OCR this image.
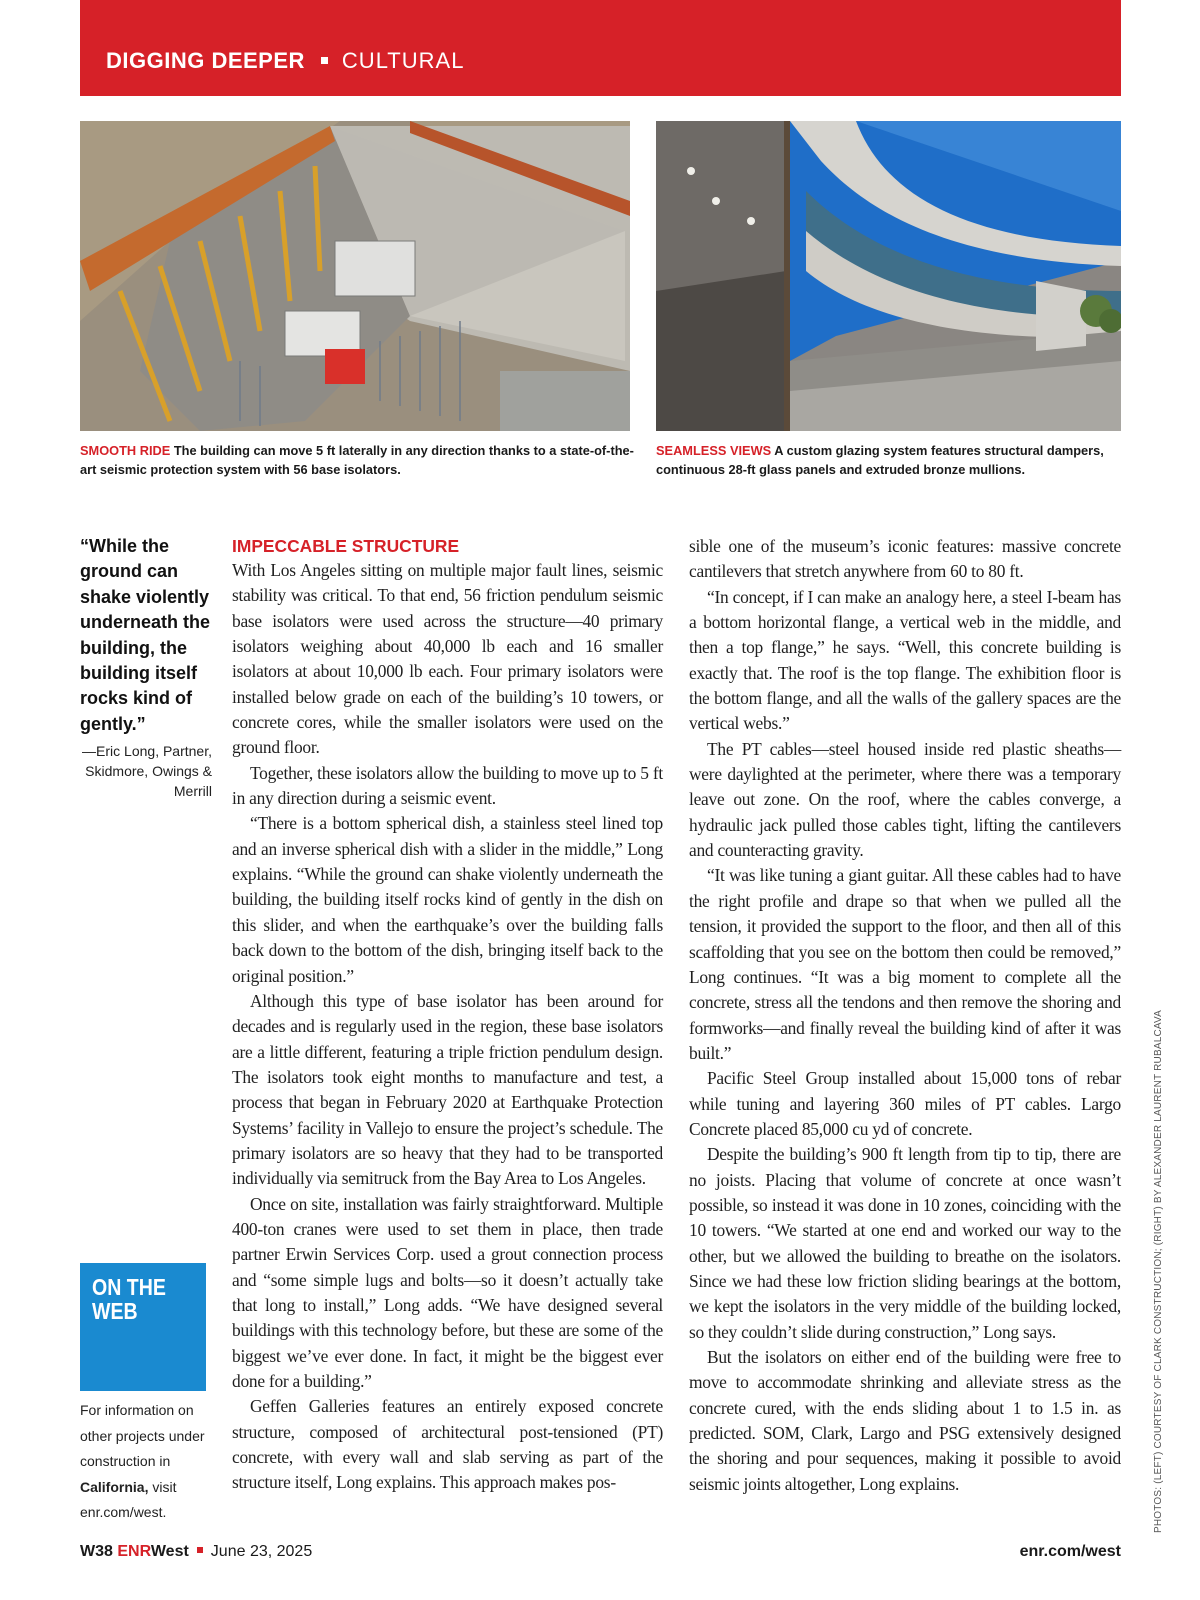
DIGGING DEEPER CULTURAL
SMOOTH RIDE The building can move 5 ft laterally in any direction thanks to a state-of-the-art seismic protection system with 56 base isolators.
SEAMLESS VIEWS A custom glazing system features structural dampers, continuous 28-ft glass panels and extruded bronze mullions.
“While the ground can shake violently underneath the building, the building itself rocks kind of gently.”
—Eric Long, Partner, Skidmore, Owings & Merrill
ON THE WEB
For information on other projects under construction in California, visit enr.com/west.
IMPECCABLE STRUCTURE

With Los Angeles sitting on multiple major fault lines, seismic stability was critical. To that end, 56 friction pendulum seismic base isolators were used across the structure—40 primary isolators weighing about 40,000 lb each and 16 smaller isolators at about 10,000 lb each. Four primary isolators were installed below grade on each of the building’s 10 towers, or concrete cores, while the smaller isolators were used on the ground floor.

Together, these isolators allow the building to move up to 5 ft in any direction during a seismic event.

“There is a bottom spherical dish, a stainless steel lined top and an inverse spherical dish with a slider in the middle,” Long explains. “While the ground can shake violently underneath the building, the building itself rocks kind of gently in the dish on this slider, and when the earthquake’s over the building falls back down to the bottom of the dish, bringing itself back to the original position.”

Although this type of base isolator has been around for decades and is regularly used in the region, these base isolators are a little different, featuring a triple friction pendulum design. The isolators took eight months to manufacture and test, a process that began in February 2020 at Earthquake Protection Systems’ facility in Vallejo to ensure the project’s schedule. The primary isolators are so heavy that they had to be transported individually via semitruck from the Bay Area to Los Angeles.

Once on site, installation was fairly straightforward. Multiple 400-ton cranes were used to set them in place, then trade partner Erwin Services Corp. used a grout connection process and “some simple lugs and bolts—so it doesn’t actually take that long to install,” Long adds. “We have designed several buildings with this technology before, but these are some of the biggest we’ve ever done. In fact, it might be the biggest ever done for a building.”

Geffen Galleries features an entirely exposed concrete structure, composed of architectural post-tensioned (PT) concrete, with every wall and slab serving as part of the structure itself, Long explains. This approach makes pos-

sible one of the museum’s iconic features: massive concrete cantilevers that stretch anywhere from 60 to 80 ft.

“In concept, if I can make an analogy here, a steel I-beam has a bottom horizontal flange, a vertical web in the middle, and then a top flange,” he says. “Well, this concrete building is exactly that. The roof is the top flange. The exhibition floor is the bottom flange, and all the walls of the gallery spaces are the vertical webs.”

The PT cables—steel housed inside red plastic sheaths—were daylighted at the perimeter, where there was a temporary leave out zone. On the roof, where the cables converge, a hydraulic jack pulled those cables tight, lifting the cantilevers and counteracting gravity.

“It was like tuning a giant guitar. All these cables had to have the right profile and drape so that when we pulled all the tension, it provided the support to the floor, and then all of this scaffolding that you see on the bottom then could be removed,” Long continues. “It was a big moment to complete all the concrete, stress all the tendons and then remove the shoring and formworks—and finally reveal the building kind of after it was built.”

Pacific Steel Group installed about 15,000 tons of rebar while tuning and layering 360 miles of PT cables. Largo Concrete placed 85,000 cu yd of concrete.

Despite the building’s 900 ft length from tip to tip, there are no joists. Placing that volume of concrete at once wasn’t possible, so instead it was done in 10 zones, coinciding with the 10 towers. “We started at one end and worked our way to the other, but we allowed the building to breathe on the isolators. Since we had these low friction sliding bearings at the bottom, we kept the isolators in the very middle of the building locked, so they couldn’t slide during construction,” Long says.

But the isolators on either end of the building were free to move to accommodate shrinking and alleviate stress as the concrete cured, with the ends sliding about 1 to 1.5 in. as predicted. SOM, Clark, Largo and PSG extensively designed the shoring and pour sequences, making it possible to avoid seismic joints altogether, Long explains.	PHOTOS: (LEFT) COURTESY OF CLARK CONSTRUCTION; (RIGHT) BY ALEXANDER LAURENT RUBALCAVA
W38 ENRWest June 23, 2025	enr.com/west
